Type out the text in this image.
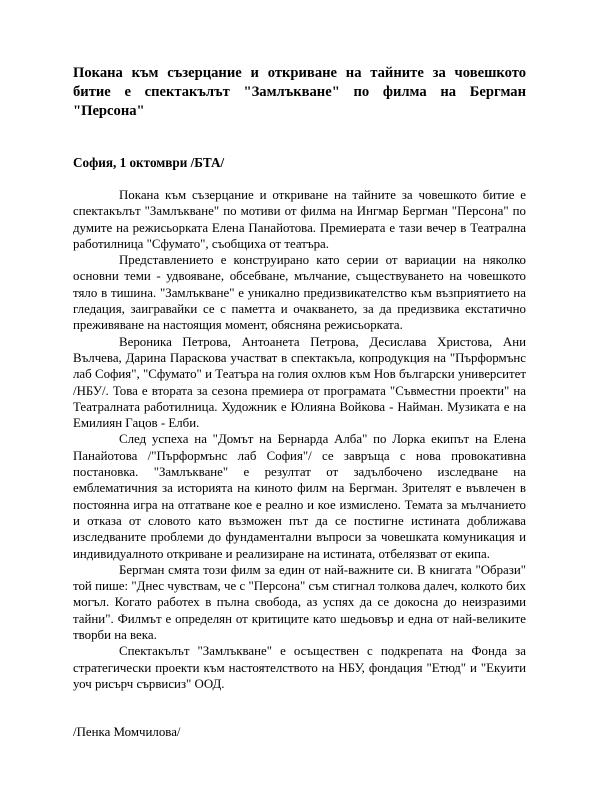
Покана към съзерцание и откриване на тайните за човешкото битие е спектакълът "Замлъкване" по филма на Бергман "Персона"

София, 1 октомври /БТА/

Покана към съзерцание и откриване на тайните за човешкото битие е спектакълът "Замлъкване" по мотиви от филма на Ингмар Бергман "Персона" по думите на режисьорката Елена Панайотова. Премиерата е тази вечер в Театрална работилница "Сфумато", съобщиха от театъра.

Представлението е конструирано като серии от вариации на няколко основни теми - удвояване, обсебване, мълчание, съществуването на човешкото тяло в тишина. "Замлъкване" е уникално предизвикателство към възприятието на гледация, заигравайки се с паметта и очакването, за да предизвика екстатично преживяване на настоящия момент, обясняна режисьорката.

Вероника Петрова, Антоанета Петрова, Десислава Христова, Ани Вълчева, Дарина Параскова участват в спектакъла, копродукция на "Пърформънс лаб София", "Сфумато" и Театъра на голия охлюв към Нов български университет /НБУ/. Това е втората за сезона премиера от програмата "Съвместни проекти" на Театралната работилница. Художник е Юлияна Войкова - Найман. Музиката е на Емилиян Гацов - Елби.

След успеха на "Домът на Бернарда Алба" по Лорка екипът на Елена Панайотова /"Пърформънс лаб София"/ се завръща с нова провокативна постановка. "Замлъкване" е резултат от задълбочено изследване на емблематичния за историята на киното филм на Бергман. Зрителят е въвлечен в постоянна игра на отгатване кое е реално и кое измислено. Темата за мълчанието и отказа от словото като възможен път да се постигне истината доближава изследваните проблеми до фундаментални въпроси за човешката комуникация и индивидуалното откриване и реализиране на истината, отбелязват от екипа.

Бергман смята този филм за един от най-важните си. В книгата "Образи" той пише: "Днес чувствам, че с "Персона" съм стигнал толкова далеч, колкото бих могъл. Когато работех в пълна свобода, аз успях да се докосна до неизразими тайни". Филмът е определян от критиците като шедьовър и една от най-великите творби на века.

Спектакълът "Замлъкване" е осъществен с подкрепата на Фонда за стратегически проекти към настоятелството на НБУ, фондация "Етюд" и "Екуити уоч рисърч сървисиз" ООД.

/Пенка Момчилова/
